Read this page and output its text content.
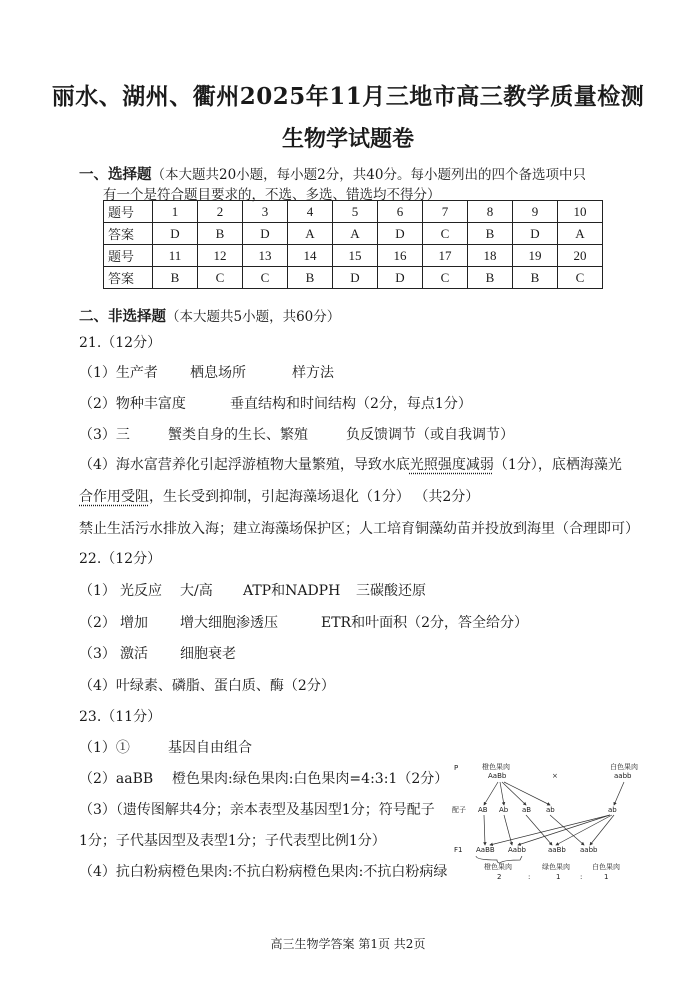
丽水、湖州、衢州2025年11月三地市高三教学质量检测
生物学试题卷
一、选择题（本大题共20小题，每小题2分，共40分。每小题列出的四个备选项中只
有一个是符合题目要求的，不选、多选、错选均不得分）
题号	1	2	3	4	5	6	7	8	9	10
答案	D	B	D	A	A	D	C	B	D	A
题号	11	12	13	14	15	16	17	18	19	20
答案	B	C	C	B	D	D	C	B	B	C
二、非选择题（本大题共5小题，共60分）
21.（12分）
（1）生产者 栖息场所	样方法
（2）物种丰富度	垂直结构和时间结构（2分，每点1分）
（3）三	蟹类自身的生长、繁殖	负反馈调节（或自我调节）
（4）海水富营养化引起浮游植物大量繁殖，导致水底光照强度减弱（1分），底栖海藻光
合作用受阻，生长受到抑制，引起海藻场退化（1分） （共2分）
禁止生活污水排放入海；建立海藻场保护区；人工培育铜藻幼苗并投放到海里（合理即可）
22.（12分）
（1） 光反应 大/高 ATP和NADPH 三碳酸还原
（2） 增加 增大细胞渗透压	ETR和叶面积（2分，答全给分）
（3） 激活 细胞衰老
（4）叶绿素、磷脂、蛋白质、酶（2分）
23.（11分）
（1）①	基因自由组合
（2）aaBB 橙色果肉:绿色果肉:白色果肉=4:3:1（2分）
（3）（遗传图解共4分；亲本表型及基因型1分；符号配子
1分；子代基因型及表型1分；子代表型比例1分）
（4）抗白粉病橙色果肉:不抗白粉病橙色果肉:不抗白粉病绿
P	橙色果肉
AaBb	×
白色果肉
aabb
配子 AB Ab aB ab	ab
F1 AaBB Aabb	aaBb aabb
橙色果肉	绿色果肉	白色果肉
2	:	1	:	1
高三生物学答案 第1页 共2页
